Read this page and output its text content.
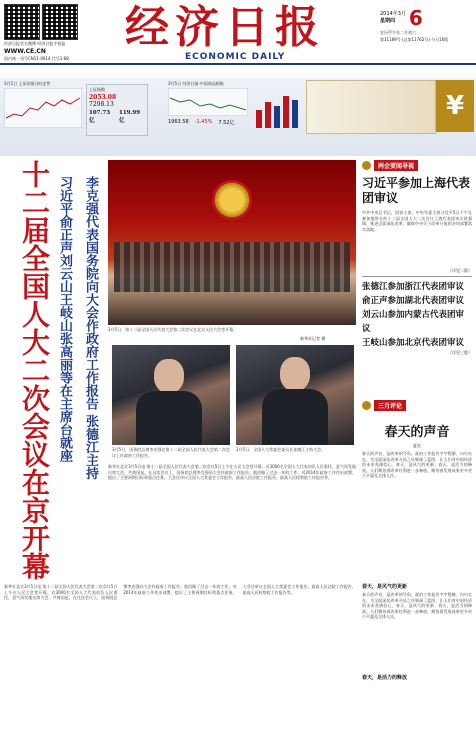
经济日报官方微博 经济日报手机报
WWW.CE.CN
国内统一刊号CN11-0014 代号1-68
经济日报
ECONOMIC DAILY
2014年3月
星期四 6
农历甲午年二月初六
第11189号 (总第11762号) 今日16版
3月5日 上证综指分时走势
上证指数
2053.08
7298.13
107.73亿
119.99亿
3月5日 经济日报-中国商品指数
1963.58 -1.45% 7.52亿
¥
十二届全国人大二次会议在京开幕 李克强代表国务院向大会作政府工作报告 张德江主持
习近平俞正声刘云山王岐山张高丽等在主席台就座	3月5日，第十二届全国人民代表大会第二次会议在北京人民大会堂开幕。
新华社记者 摄
3月5日，国务院总理李克强在第十二届全国人民代表大会第二次会议上作政府工作报告。
3月5日，全国人大常委会委员长张德江主持大会。
新华社北京3月5日电 第十二届全国人民代表大会第二次会议5日上午在人民大会堂开幕。近3000名全国人大代表肩负人民重托，意气风发地出席大会，共商国是。在这次会议上，国务院总理李克强向大会作政府工作报告。他回顾了过去一年的工作，对2014年政府工作作出部署，提出了主要预期目标和重点任务。大会还审议全国人大常委会工作报告、最高人民法院工作报告、最高人民检察院工作报告等。
新华社北京3月5日电 第十二届全国人民代表大会第二次会议5日上午在人民大会堂开幕。近3000名全国人大代表肩负人民重托，意气风发地出席大会，共商国是。在这次会议上，国务院总理李克强向大会作政府工作报告。他回顾了过去一年的工作，对2014年政府工作作出部署，提出了主要预期目标和重点任务。大会还审议全国人大常委会工作报告、最高人民法院工作报告、最高人民检察院工作报告等。
两会要闻导视
习近平参加上海代表团审议
中共中央总书记、国家主席、中央军委主席习近平5日下午在参加他所在的十二届全国人大二次会议上海代表团审议时强调，推进全面深化改革，确保中央关于改革开放的各项部署落实落地。
（详见二版）
张德江参加浙江代表团审议
俞正声参加湖北代表团审议
刘云山参加内蒙古代表团审议
王岐山参加北京代表团审议
（详见三版）
三月评论
春天的声音
夏宏
春天的声音，是改革的号角。政府工作报告字字铿锵，句句实在，为全面深化改革开局之年擘画了蓝图，让人们对中国经济的未来充满信心。春天，是风气的更新；春天，是活力的释放。人们期待着改革红利进一步释放，期待着发展成果更多更公平惠及全体人民。
春天，是风气的更新
春天的声音，是改革的号角。政府工作报告字字铿锵，句句实在，为全面深化改革开局之年擘画了蓝图，让人们对中国经济的未来充满信心。春天，是风气的更新；春天，是活力的释放。人们期待着改革红利进一步释放，期待着发展成果更多更公平惠及全体人民。
春天，是活力的释放
